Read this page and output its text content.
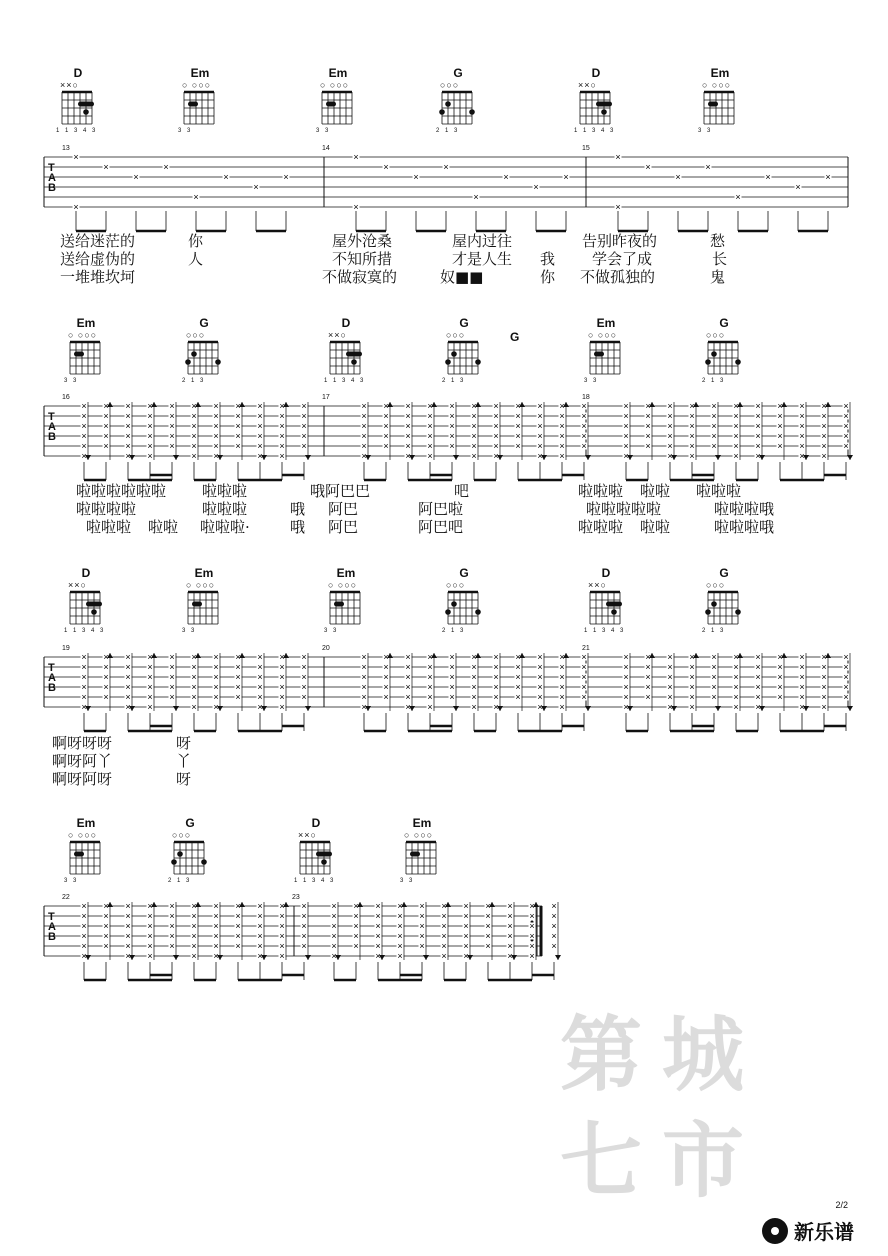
D
××○
1 1 3 4 3
Em
○ ○○○
3 3
Em
○ ○○○
3 3
G
○○○
2 1 3
D
××○
1 1 3 4 3
Em
○ ○○○
3 3
×
×
×
×
×
×
×
×
×
×
×
×
×
×
×
×
×
×
×
×
×
×
×
×
×
×
×
13	14	15
T
A
B
送给迷茫的	你	屋外沧桑	屋内过往	告别昨夜的	愁
送给虚伪的	人	不知所措	才是人生 我 学会了成	长
一堆堆坎坷	不做寂寞的	奴■■	你 不做孤独的	鬼
Em
○ ○○○
3 3
G
○○○
2 1 3
D
××○
1 1 3 4 3
G
○○○
2 1 3
G
Em
○ ○○○
3 3
G
○○○
2 1 3
×
×
×
×
×
×
×
×
×
×
×
×
×
×
×
×
×
×
×
×
×
×
×
×
×
×
×
×
×
×
×
×
×
×
×
×
×
×
×
×
×
×
×
×
×
×
×
×
×
×
×
×
×
×
×
×
×
×
×
×
×
×
×
×
×
×
×
×
×
×
×
×
×
×
×
×
×
×
×
×
×
×
×
×
×
×
×
×
×
×
×
×
×
×
×
×
×
×
×
×
×
×
×
×
×
×
×
×
×
×
×
×
×
×
×
×
×
×
×
×
×
×
×
×
×
×
×
×
×
×
×
×
×
×
×
×
×
×
×
×
×
×
×
×
×
×
×
×
×
×
×
×
×
×
×
×
×
×
×
×
×
×
×
×
×
×
×
×
×
×
×
×
×
×
×
×
×
×
×
×
×
×
×
×
×
×
16	17	18
T
A
B
啦啦啦啦啦啦 啦啦啦	哦阿巴巴	吧	啦啦啦 啦啦 啦啦啦
啦啦啦啦	啦啦啦	哦 阿巴	阿巴啦	啦啦啦啦啦	啦啦啦哦
啦啦啦 啦啦 啦啦啦·	哦 阿巴	阿巴吧	啦啦啦 啦啦	啦啦啦哦
D
××○
1 1 3 4 3
Em
○ ○○○
3 3
Em
○ ○○○
3 3
G
○○○
2 1 3
D
××○
1 1 3 4 3
G
○○○
2 1 3
×
×
×
×
×
×
×
×
×
×
×
×
×
×
×
×
×
×
×
×
×
×
×
×
×
×
×
×
×
×
×
×
×
×
×
×
×
×
×
×
×
×
×
×
×
×
×
×
×
×
×
×
×
×
×
×
×
×
×
×
×
×
×
×
×
×
×
×
×
×
×
×
×
×
×
×
×
×
×
×
×
×
×
×
×
×
×
×
×
×
×
×
×
×
×
×
×
×
×
×
×
×
×
×
×
×
×
×
×
×
×
×
×
×
×
×
×
×
×
×
×
×
×
×
×
×
×
×
×
×
×
×
×
×
×
×
×
×
×
×
×
×
×
×
×
×
×
×
×
×
×
×
×
×
×
×
×
×
×
×
×
×
×
×
×
×
×
×
×
×
×
×
×
×
×
×
×
×
×
×
×
×
×
×
×
×
19	20	21
T
A
B
啊呀呀呀	呀
啊呀阿丫	丫
啊呀阿呀	呀
Em
○ ○○○
3 3
G
○○○
2 1 3
D
××○
1 1 3 4 3
Em
○ ○○○
3 3
×
×
×
×
×
×
×
×
×
×
×
×
×
×
×
×
×
×
×
×
×
×
×
×
×
×
×
×
×
×
×
×
×
×
×
×
×
×
×
×
×
×
×
×
×
×
×
×
×
×
×
×
×
×
×
×
×
×
×
×
×
×
×
×
×
×
×
×
×
×
×
×
×
×
×
×
×
×
×
×
×
×
×
×
×
×
×
×
×
×
×
×
×
×
×
×
×
×
×
×
×
×
×
×
×
×
×
×
×
×
×
×
×
×
×
×
×
×
×
×
×
×
×
×
22	23
T
A
B
第 城
七 市	2/2
新乐谱
